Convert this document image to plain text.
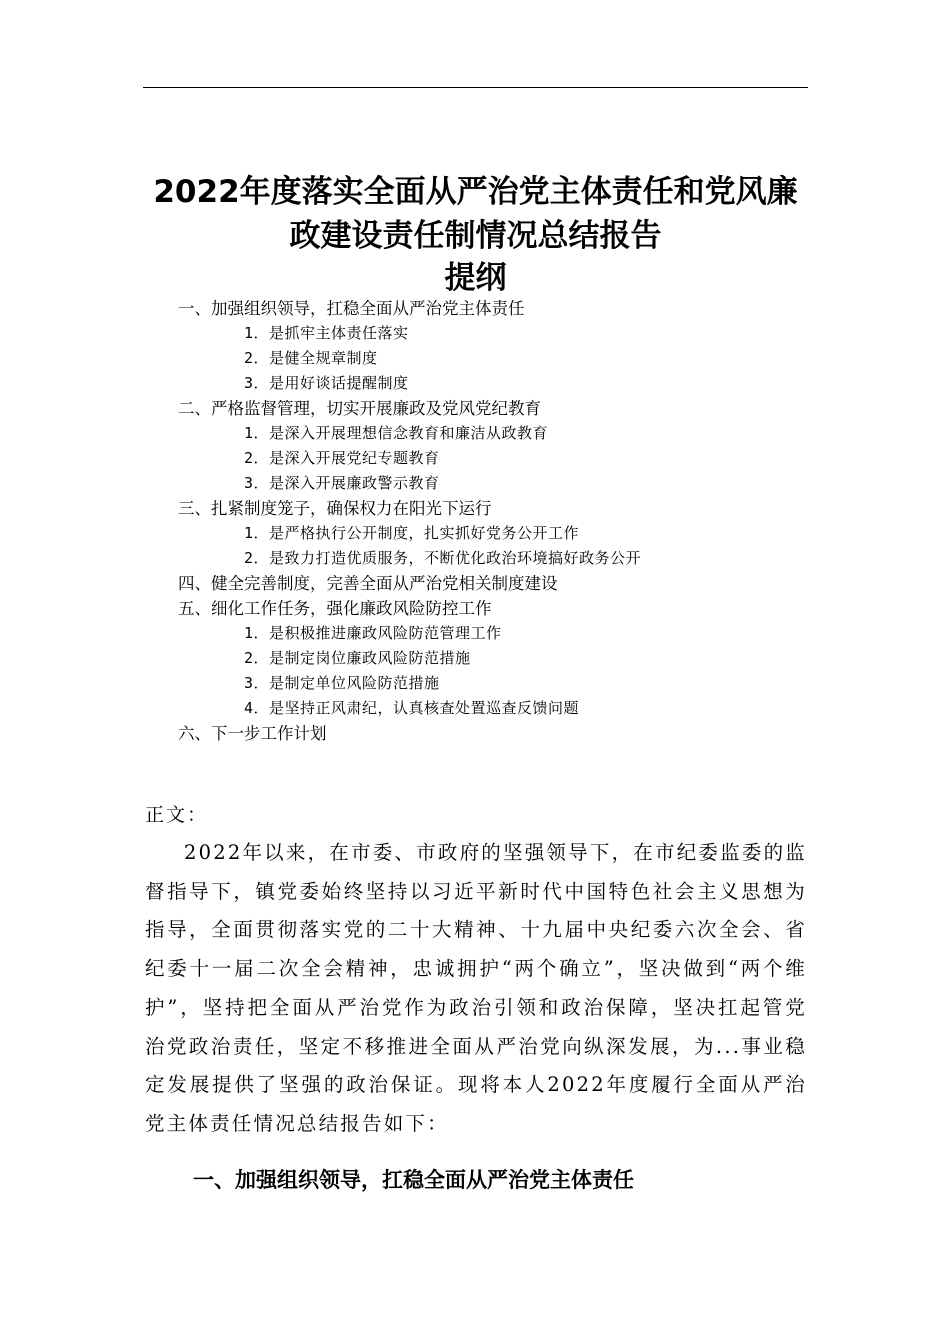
2022年度落实全面从严治党主体责任和党风廉
政建设责任制情况总结报告
提纲
一、加强组织领导，扛稳全面从严治党主体责任
1．是抓牢主体责任落实
2．是健全规章制度
3．是用好谈话提醒制度
二、严格监督管理，切实开展廉政及党风党纪教育
1．是深入开展理想信念教育和廉洁从政教育
2．是深入开展党纪专题教育
3．是深入开展廉政警示教育
三、扎紧制度笼子，确保权力在阳光下运行
1．是严格执行公开制度，扎实抓好党务公开工作
2．是致力打造优质服务，不断优化政治环境搞好政务公开
四、健全完善制度，完善全面从严治党相关制度建设
五、细化工作任务，强化廉政风险防控工作
1．是积极推进廉政风险防范管理工作
2．是制定岗位廉政风险防范措施
3．是制定单位风险防范措施
4．是坚持正风肃纪，认真核查处置巡查反馈问题
六、下一步工作计划
正文：

2022年以来，在市委、市政府的坚强领导下，在市纪委监委的监督指导下，镇党委始终坚持以习近平新时代中国特色社会主义思想为指导，全面贯彻落实党的二十大精神、十九届中央纪委六次全会、省纪委十一届二次全会精神，忠诚拥护“两个确立”，坚决做到“两个维护”，坚持把全面从严治党作为政治引领和政治保障，坚决扛起管党治党政治责任，坚定不移推进全面从严治党向纵深发展，为...事业稳定发展提供了坚强的政治保证。现将本人2022年度履行全面从严治党主体责任情况总结报告如下：

一、加强组织领导，扛稳全面从严治党主体责任
